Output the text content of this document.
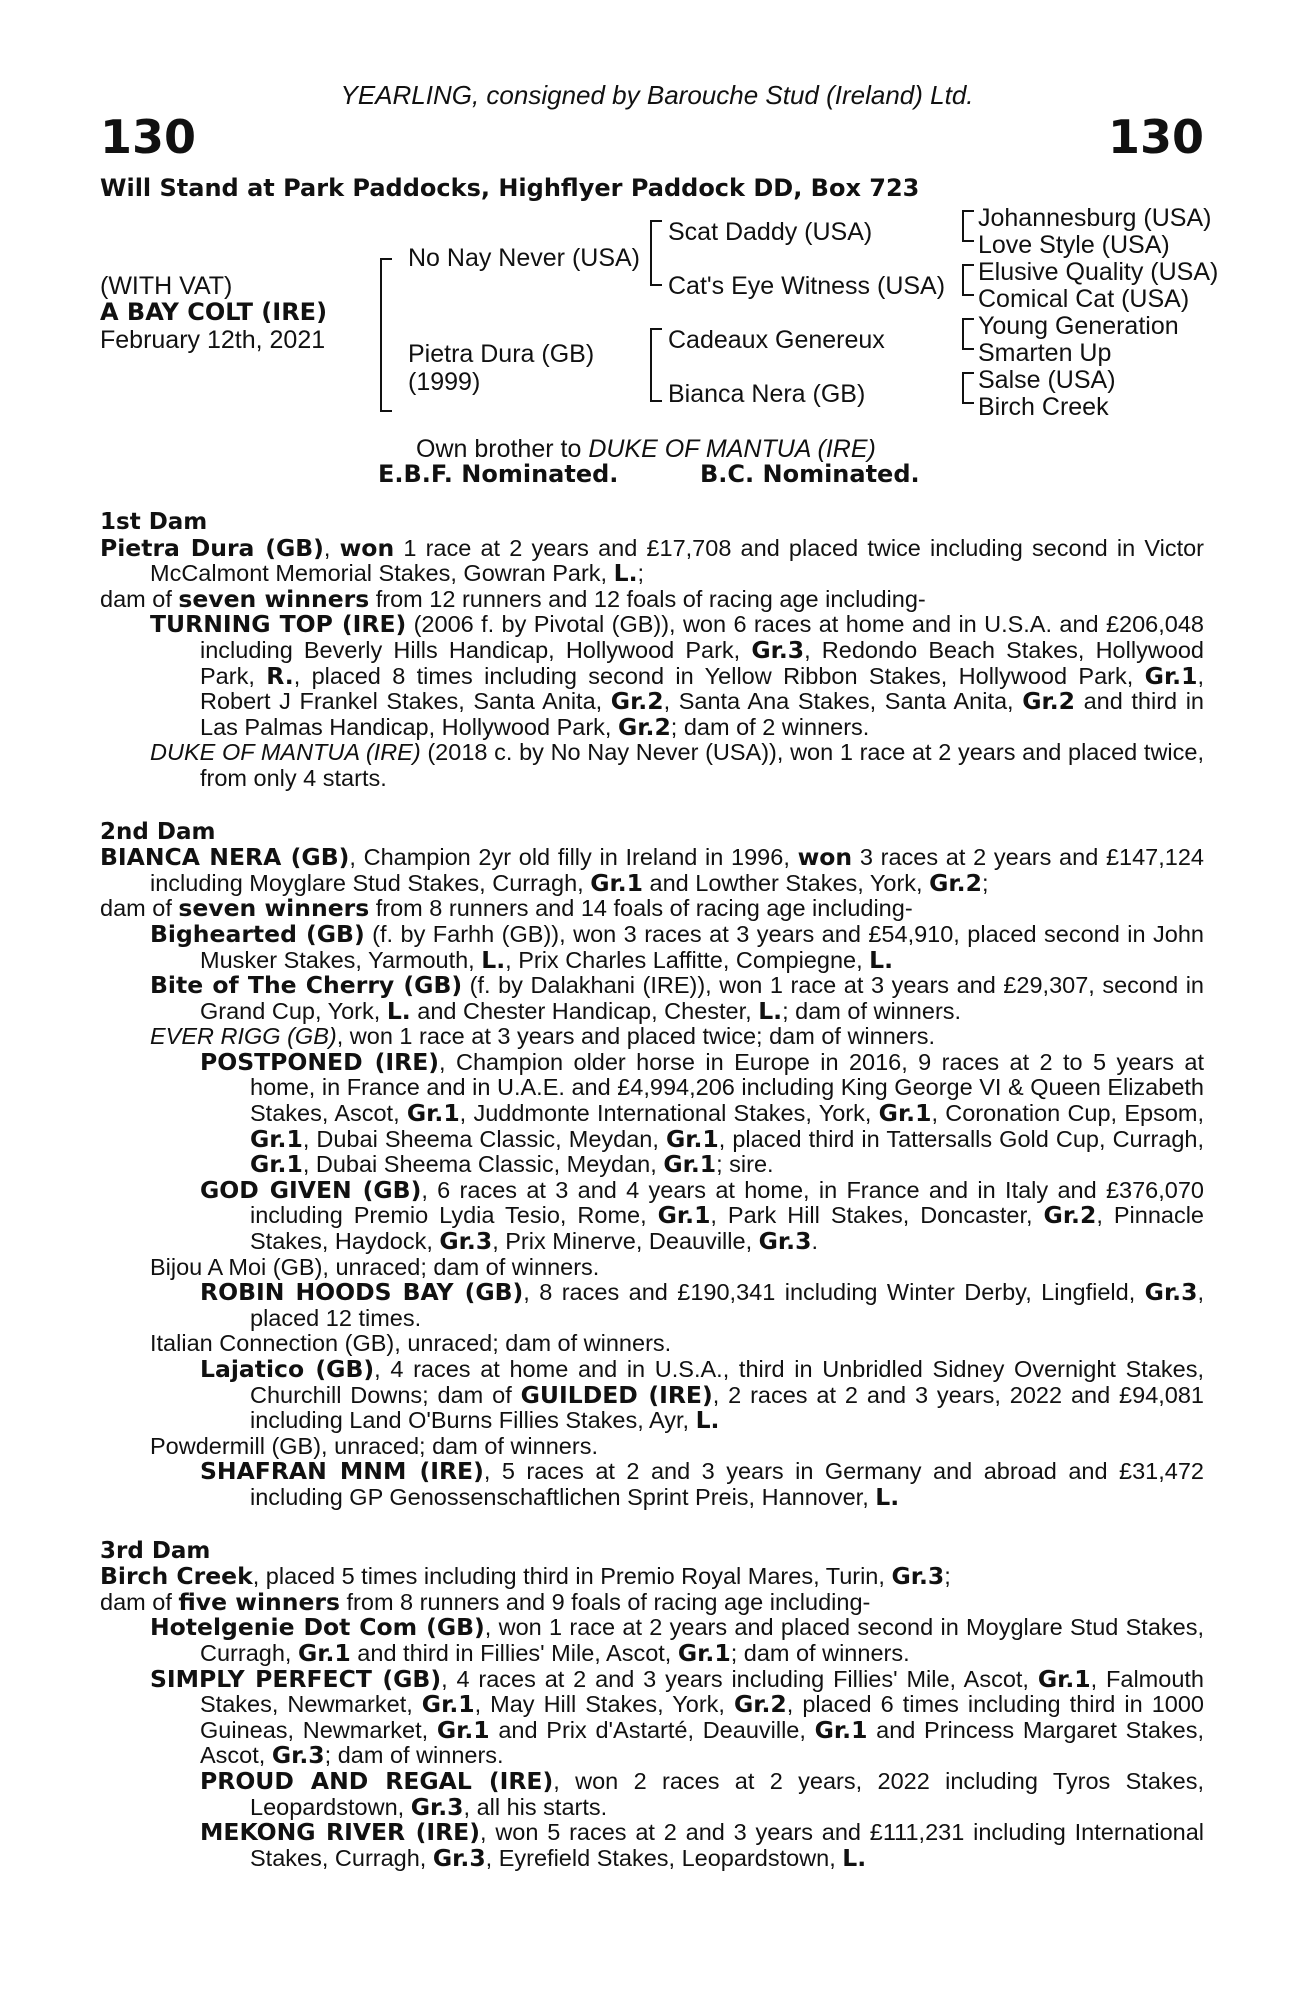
YEARLING, consigned by Barouche Stud (Ireland) Ltd.
130	130
Will Stand at Park Paddocks, Highflyer Paddock DD, Box 723
(WITH VAT)
A BAY COLT (IRE)
February 12th, 2021
No Nay Never (USA)
Pietra Dura (GB)
(1999)
Scat Daddy (USA)
Cat's Eye Witness (USA)
Cadeaux Genereux
Bianca Nera (GB)
Johannesburg (USA)
Love Style (USA)
Elusive Quality (USA)
Comical Cat (USA)
Young Generation
Smarten Up
Salse (USA)
Birch Creek
Own brother to DUKE OF MANTUA (IRE)
E.B.F. Nominated.	B.C. Nominated.
1st Dam
Pietra Dura (GB), won 1 race at 2 years and £17,708 and placed twice including second in Victor McCalmont Memorial Stakes, Gowran Park, L.;
dam of seven winners from 12 runners and 12 foals of racing age including-
TURNING TOP (IRE) (2006 f. by Pivotal (GB)), won 6 races at home and in U.S.A. and £206,048 including Beverly Hills Handicap, Hollywood Park, Gr.3, Redondo Beach Stakes, Hollywood Park, R., placed 8 times including second in Yellow Ribbon Stakes, Hollywood Park, Gr.1, Robert J Frankel Stakes, Santa Anita, Gr.2, Santa Ana Stakes, Santa Anita, Gr.2 and third in Las Palmas Handicap, Hollywood Park, Gr.2; dam of 2 winners.
DUKE OF MANTUA (IRE) (2018 c. by No Nay Never (USA)), won 1 race at 2 years and placed twice, from only 4 starts.
2nd Dam
BIANCA NERA (GB), Champion 2yr old filly in Ireland in 1996, won 3 races at 2 years and £147,124 including Moyglare Stud Stakes, Curragh, Gr.1 and Lowther Stakes, York, Gr.2;
dam of seven winners from 8 runners and 14 foals of racing age including-
Bighearted (GB) (f. by Farhh (GB)), won 3 races at 3 years and £54,910, placed second in John Musker Stakes, Yarmouth, L., Prix Charles Laffitte, Compiegne, L.
Bite of The Cherry (GB) (f. by Dalakhani (IRE)), won 1 race at 3 years and £29,307, second in Grand Cup, York, L. and Chester Handicap, Chester, L.; dam of winners.
EVER RIGG (GB), won 1 race at 3 years and placed twice; dam of winners.
POSTPONED (IRE), Champion older horse in Europe in 2016, 9 races at 2 to 5 years at home, in France and in U.A.E. and £4,994,206 including King George VI & Queen Elizabeth Stakes, Ascot, Gr.1, Juddmonte International Stakes, York, Gr.1, Coronation Cup, Epsom, Gr.1, Dubai Sheema Classic, Meydan, Gr.1, placed third in Tattersalls Gold Cup, Curragh, Gr.1, Dubai Sheema Classic, Meydan, Gr.1; sire.
GOD GIVEN (GB), 6 races at 3 and 4 years at home, in France and in Italy and £376,070 including Premio Lydia Tesio, Rome, Gr.1, Park Hill Stakes, Doncaster, Gr.2, Pinnacle Stakes, Haydock, Gr.3, Prix Minerve, Deauville, Gr.3.
Bijou A Moi (GB), unraced; dam of winners.
ROBIN HOODS BAY (GB), 8 races and £190,341 including Winter Derby, Lingfield, Gr.3, placed 12 times.
Italian Connection (GB), unraced; dam of winners.
Lajatico (GB), 4 races at home and in U.S.A., third in Unbridled Sidney Overnight Stakes, Churchill Downs; dam of GUILDED (IRE), 2 races at 2 and 3 years, 2022 and £94,081 including Land O'Burns Fillies Stakes, Ayr, L.
Powdermill (GB), unraced; dam of winners.
SHAFRAN MNM (IRE), 5 races at 2 and 3 years in Germany and abroad and £31,472 including GP Genossenschaftlichen Sprint Preis, Hannover, L.
3rd Dam
Birch Creek, placed 5 times including third in Premio Royal Mares, Turin, Gr.3;
dam of five winners from 8 runners and 9 foals of racing age including-
Hotelgenie Dot Com (GB), won 1 race at 2 years and placed second in Moyglare Stud Stakes, Curragh, Gr.1 and third in Fillies' Mile, Ascot, Gr.1; dam of winners.
SIMPLY PERFECT (GB), 4 races at 2 and 3 years including Fillies' Mile, Ascot, Gr.1, Falmouth Stakes, Newmarket, Gr.1, May Hill Stakes, York, Gr.2, placed 6 times including third in 1000 Guineas, Newmarket, Gr.1 and Prix d'Astarté, Deauville, Gr.1 and Princess Margaret Stakes, Ascot, Gr.3; dam of winners.
PROUD AND REGAL (IRE), won 2 races at 2 years, 2022 including Tyros Stakes, Leopardstown, Gr.3, all his starts.
MEKONG RIVER (IRE), won 5 races at 2 and 3 years and £111,231 including International Stakes, Curragh, Gr.3, Eyrefield Stakes, Leopardstown, L.
